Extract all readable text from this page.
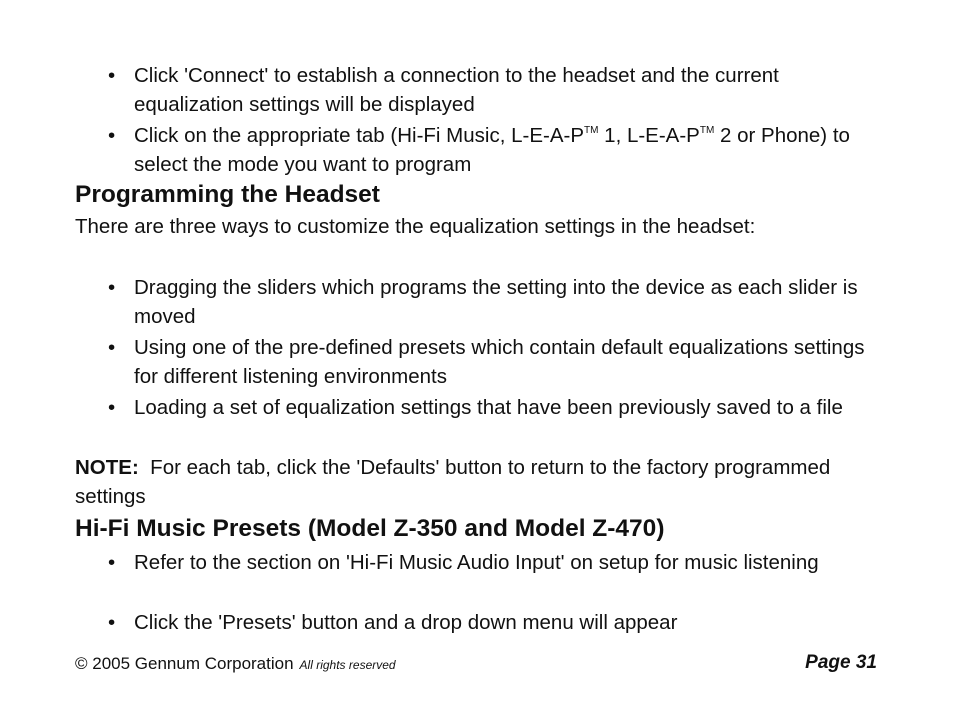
• Click 'Connect' to establish a connection to the headset and the current equalization settings will be displayed
• Click on the appropriate tab (Hi-Fi Music, L-E-A-P™ 1, L-E-A-P™ 2 or Phone) to select the mode you want to program
Programming the Headset
There are three ways to customize the equalization settings in the headset:
• Dragging the sliders which programs the setting into the device as each slider is moved
• Using one of the pre-defined presets which contain default equalizations settings for different listening environments
• Loading a set of equalization settings that have been previously saved to a file
NOTE:  For each tab, click the 'Defaults' button to return to the factory programmed settings
Hi-Fi Music Presets (Model Z-350 and Model Z-470)
• Refer to the section on 'Hi-Fi Music Audio Input' on setup for music listening
• Click the 'Presets' button and a drop down menu will appear
© 2005 Gennum Corporation All rights reserved	Page 31
